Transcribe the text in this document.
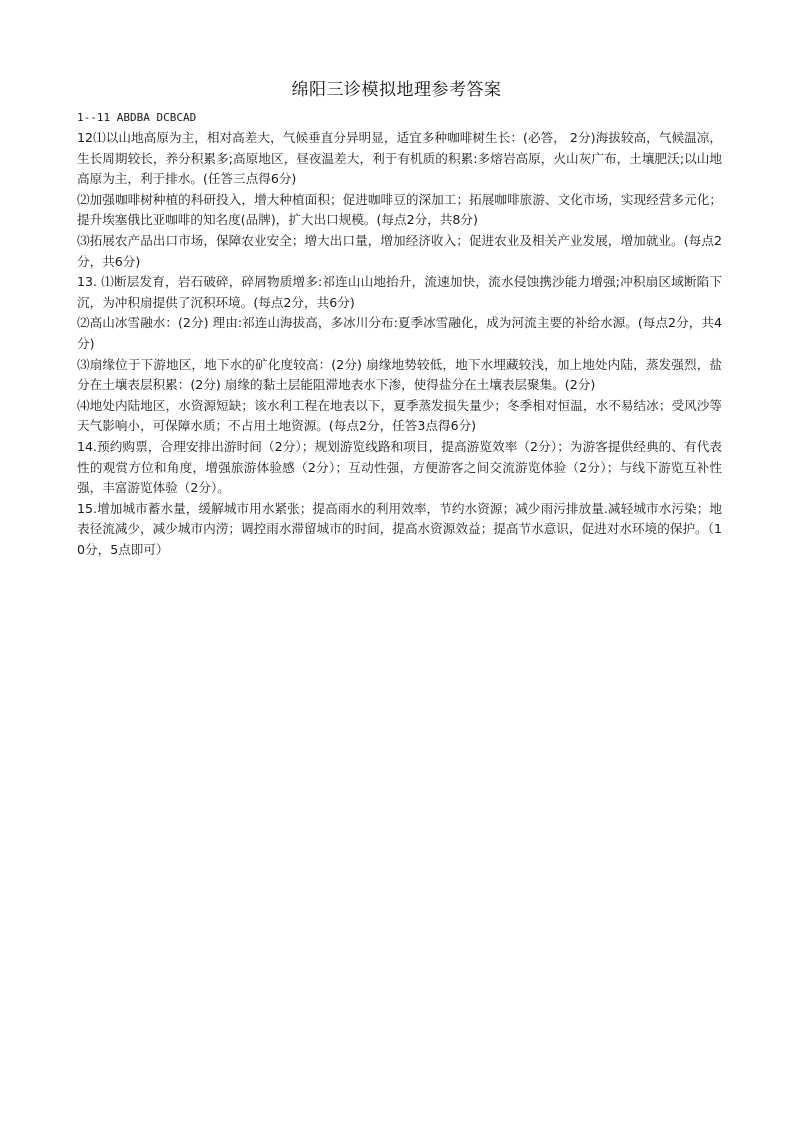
绵阳三诊模拟地理参考答案
1--11 ABDBA DCBCAD

12⑴以山地高原为主，相对高差大，气候垂直分异明显，适宜多种咖啡树生长：(必答， 2分)海拔较高，气候温凉，生长周期较长，养分积累多;高原地区，昼夜温差大，利于有机质的积累:多熔岩高原，火山灰广布，土壤肥沃;以山地高原为主，利于排水。(任答三点得6分)

⑵加强咖啡树种植的科研投入，增大种植面积；促进咖啡豆的深加工；拓展咖啡旅游、文化市场，实现经营多元化；提升埃塞俄比亚咖啡的知名度(品牌)，扩大出口规模。(每点2分，共8分)

⑶拓展农产品出口市场，保障农业安全；增大出口量，增加经济收入；促进农业及相关产业发展，增加就业。(每点2分，共6分)

13. ⑴断层发育，岩石破碎，碎屑物质增多:祁连山山地抬升，流速加快，流水侵蚀携沙能力增强;冲积扇区域断陷下沉，为冲积扇提供了沉积环境。(每点2分，共6分)

⑵高山冰雪融水：(2分) 理由:祁连山海拔高，多冰川分布:夏季冰雪融化，成为河流主要的补给水源。(每点2分，共4分)

⑶扇缘位于下游地区，地下水的矿化度较高：(2分) 扇缘地势较低，地下水埋藏较浅，加上地处内陆，蒸发强烈，盐分在土壤表层积累：(2分) 扇缘的黏土层能阻滞地表水下渗，使得盐分在土壤表层聚集。(2分)

⑷地处内陆地区，水资源短缺；该水利工程在地表以下，夏季蒸发损失量少；冬季相对恒温，水不易结冰；受风沙等天气影响小，可保障水质；不占用土地资源。(每点2分，任答3点得6分)

14.预约购票，合理安排出游时间（2分）；规划游览线路和项目，提高游览效率（2分）；为游客提供经典的、有代表性的观赏方位和角度，增强旅游体验感（2分）；互动性强，方便游客之间交流游览体验（2分）；与线下游览互补性强，丰富游览体验（2分）。

15.增加城市蓄水量，缓解城市用水紧张；提高雨水的利用效率，节约水资源；减少雨污排放量.减轻城市水污染；地表径流减少，减少城市内涝；调控雨水滞留城市的时间，提高水资源效益；提高节水意识，促进对水环境的保护。（10分，5点即可）
